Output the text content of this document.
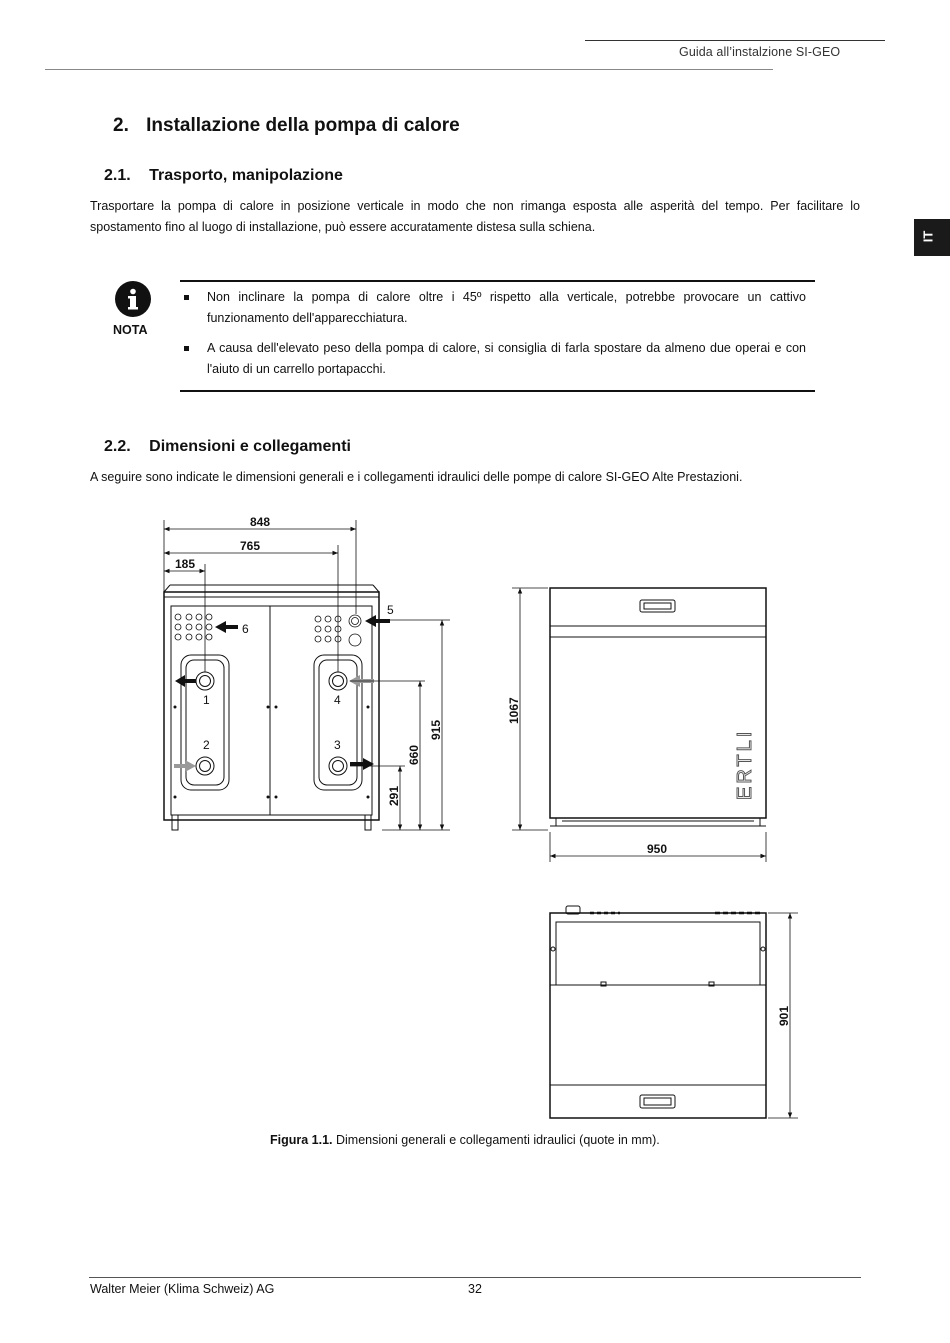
Guida all’instalzione SI-GEO
IT
2. Installazione della pompa di calore
2.1. Trasporto, manipolazione
Trasportare la pompa di calore in posizione verticale in modo che non rimanga esposta alle asperità del tempo. Per facilitare lo
spostamento fino al luogo di installazione, può essere accuratamente distesa sulla schiena.
NOTA
Non inclinare la pompa di calore oltre i 45º rispetto alla verticale, potrebbe provocare un cattivo funzionamento dell'apparecchiatura.
A causa dell'elevato peso della pompa di calore, si consiglia di farla spostare da almeno due operai e con l'aiuto di un carrello portapacchi.
2.2. Dimensioni e collegamenti
A seguire sono indicate le dimensioni generali e i collegamenti idraulici delle pompe di calore SI-GEO Alte Prestazioni.
848
765
185
1
2	3
4
5
6
915
660
291
1067
950
901
ERTLI
Figura 1.1. Dimensioni generali e collegamenti idraulici (quote in mm).
Walter Meier (Klima Schweiz) AG	32
